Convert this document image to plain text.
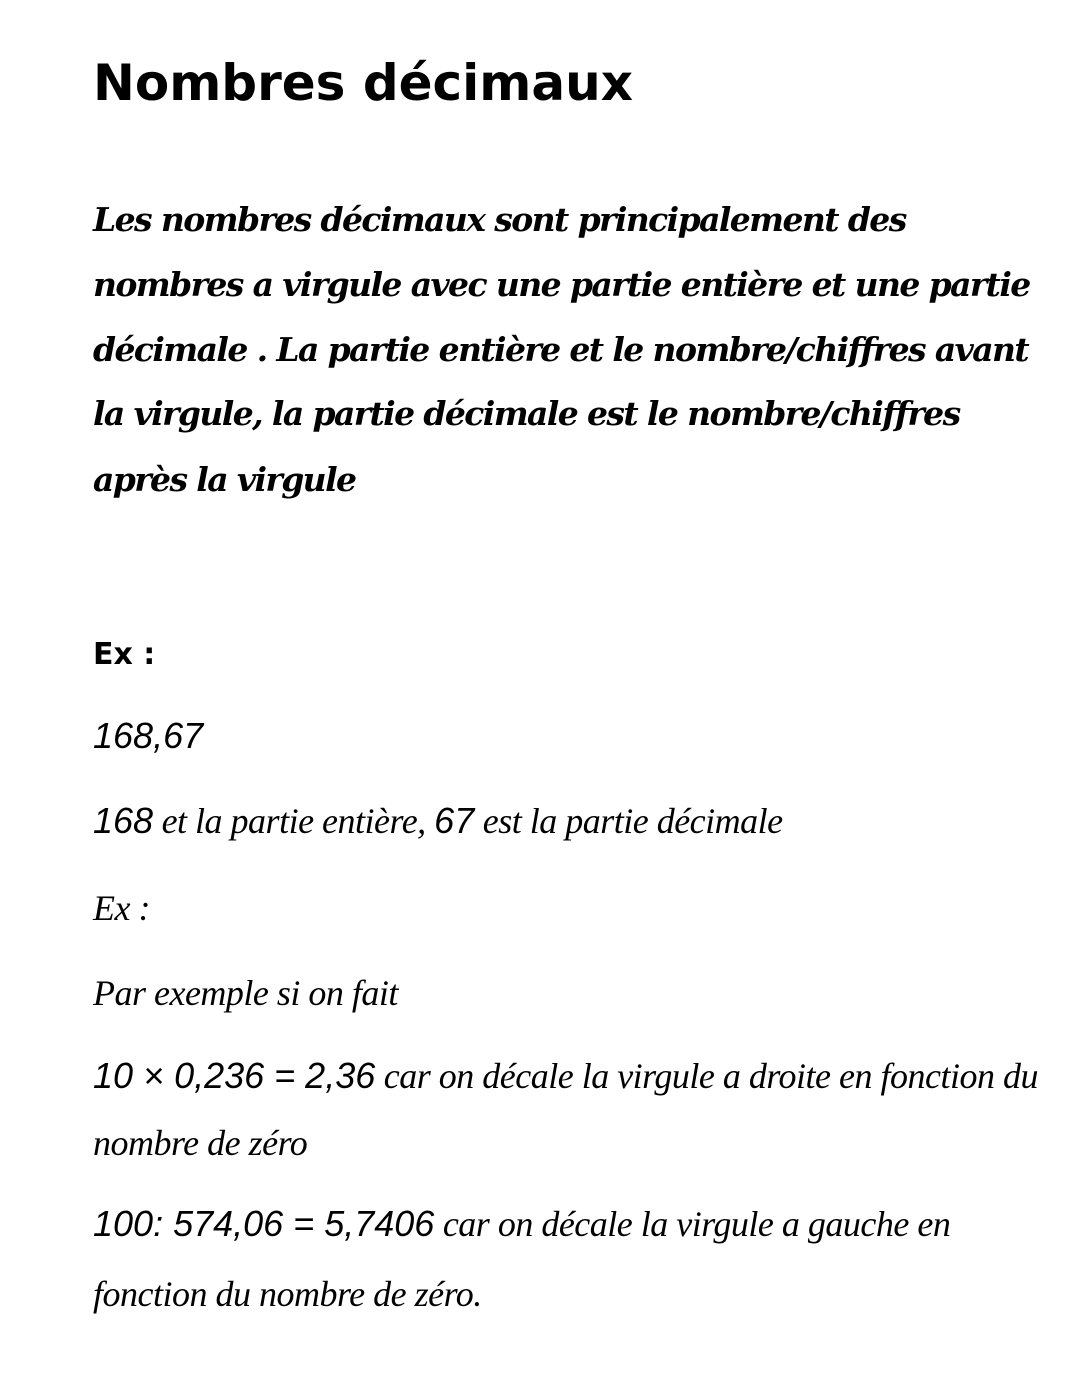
Nombres décimaux
Les nombres décimaux sont principalement des
nombres a virgule avec une partie entière et une partie
décimale . La partie entière et le nombre/chiffres avant
la virgule, la partie décimale est le nombre/chiffres
après la virgule
Ex :
168,67
168 et la partie entière, 67 est la partie décimale
Ex :
Par exemple si on fait
10 × 0,236 = 2,36 car on décale la virgule a droite en fonction du
nombre de zéro
100: 574,06 = 5,7406 car on décale la virgule a gauche en
fonction du nombre de zéro.
